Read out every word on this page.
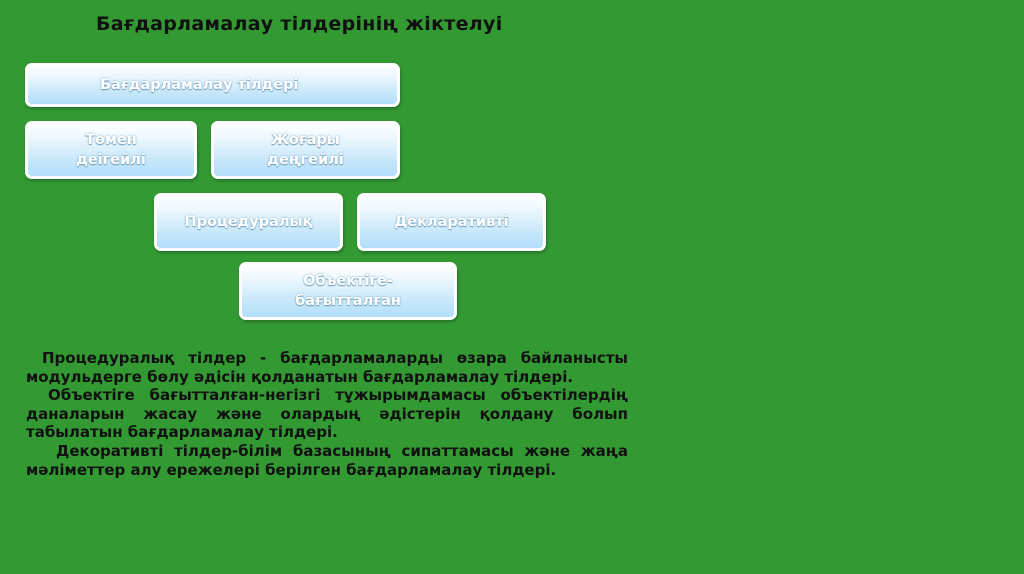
Бағдарламалау тілдерінің жіктелуі
Бағдарламалау тілдері
Төмен
деігейлі
Жоғары
деңгейлі
Процедуралық	Декларативті
Объектіге-
бағытталған

Процедуралық тілдер - бағдарламаларды өзара байланысты модульдерге бөлу әдісін қолданатын бағдарламалау тілдері.

Объектіге бағытталған-негізгі тұжырымдамасы объектілердің даналарын жасау және олардың әдістерін қолдану болып табылатын бағдарламалау тілдері.

Декоративті тілдер-білім базасының сипаттамасы және жаңа мәліметтер алу ережелері берілген бағдарламалау тілдері.
